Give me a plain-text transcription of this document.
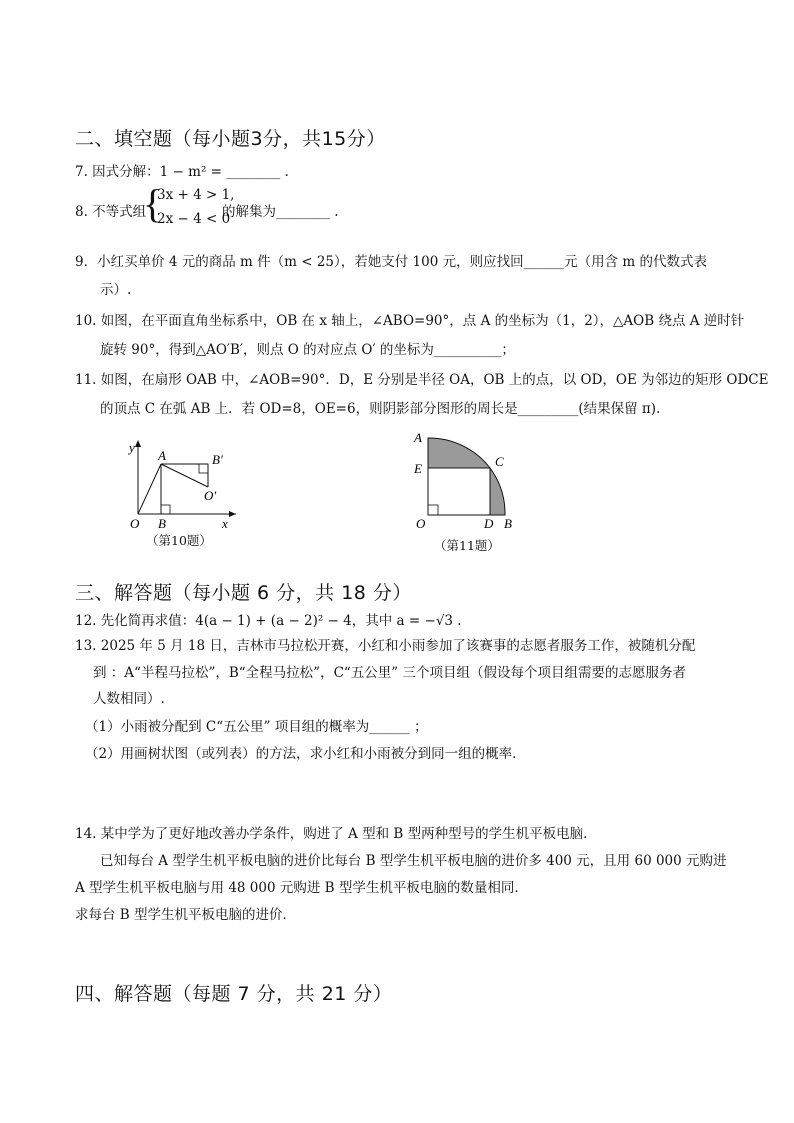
二、填空题（每小题3分，共15分）
7. 因式分解：1 − m² = ________ .
8. 不等式组
{
3x + 4 > 1,
2x − 4 < 0
的解集为________ .
9．小红买单价 4 元的商品 m 件（m < 25），若她支付 100 元，则应找回______元（用含 m 的代数式表
示）.
10. 如图，在平面直角坐标系中，OB 在 x 轴上，∠ABO=90°，点 A 的坐标为（1，2），△AOB 绕点 A 逆时针
旋转 90°，得到△AO′B′，则点 O 的对应点 O′ 的坐标为__________；
11. 如图，在扇形 OAB 中，∠AOB=90°．D，E 分别是半径 OA，OB 上的点，以 OD，OE 为邻边的矩形 ODCE
的顶点 C 在弧 AB 上．若 OD=8，OE=6，则阴影部分图形的周长是_________(结果保留 π).
y
A	B′
O′
O B	x
（第10题）
A
E	C
O	D B
（第11题）
三、解答题（每小题 6 分，共 18 分）
12. 先化简再求值：4(a − 1) + (a − 2)² − 4，其中 a = −√3 .
13. 2025 年 5 月 18 日，吉林市马拉松开赛，小红和小雨参加了该赛事的志愿者服务工作，被随机分配
到 ：A“半程马拉松”，B“全程马拉松”，C“五公里” 三个项目组（假设每个项目组需要的志愿服务者
人数相同）.
（1）小雨被分配到 C“五公里” 项目组的概率为______ ；
（2）用画树状图（或列表）的方法，求小红和小雨被分到同一组的概率．
14. 某中学为了更好地改善办学条件，购进了 A 型和 B 型两种型号的学生机平板电脑．
已知每台 A 型学生机平板电脑的进价比每台 B 型学生机平板电脑的进价多 400 元，且用 60 000 元购进
A 型学生机平板电脑与用 48 000 元购进 B 型学生机平板电脑的数量相同．
求每台 B 型学生机平板电脑的进价．
四、解答题（每题 7 分，共 21 分）
